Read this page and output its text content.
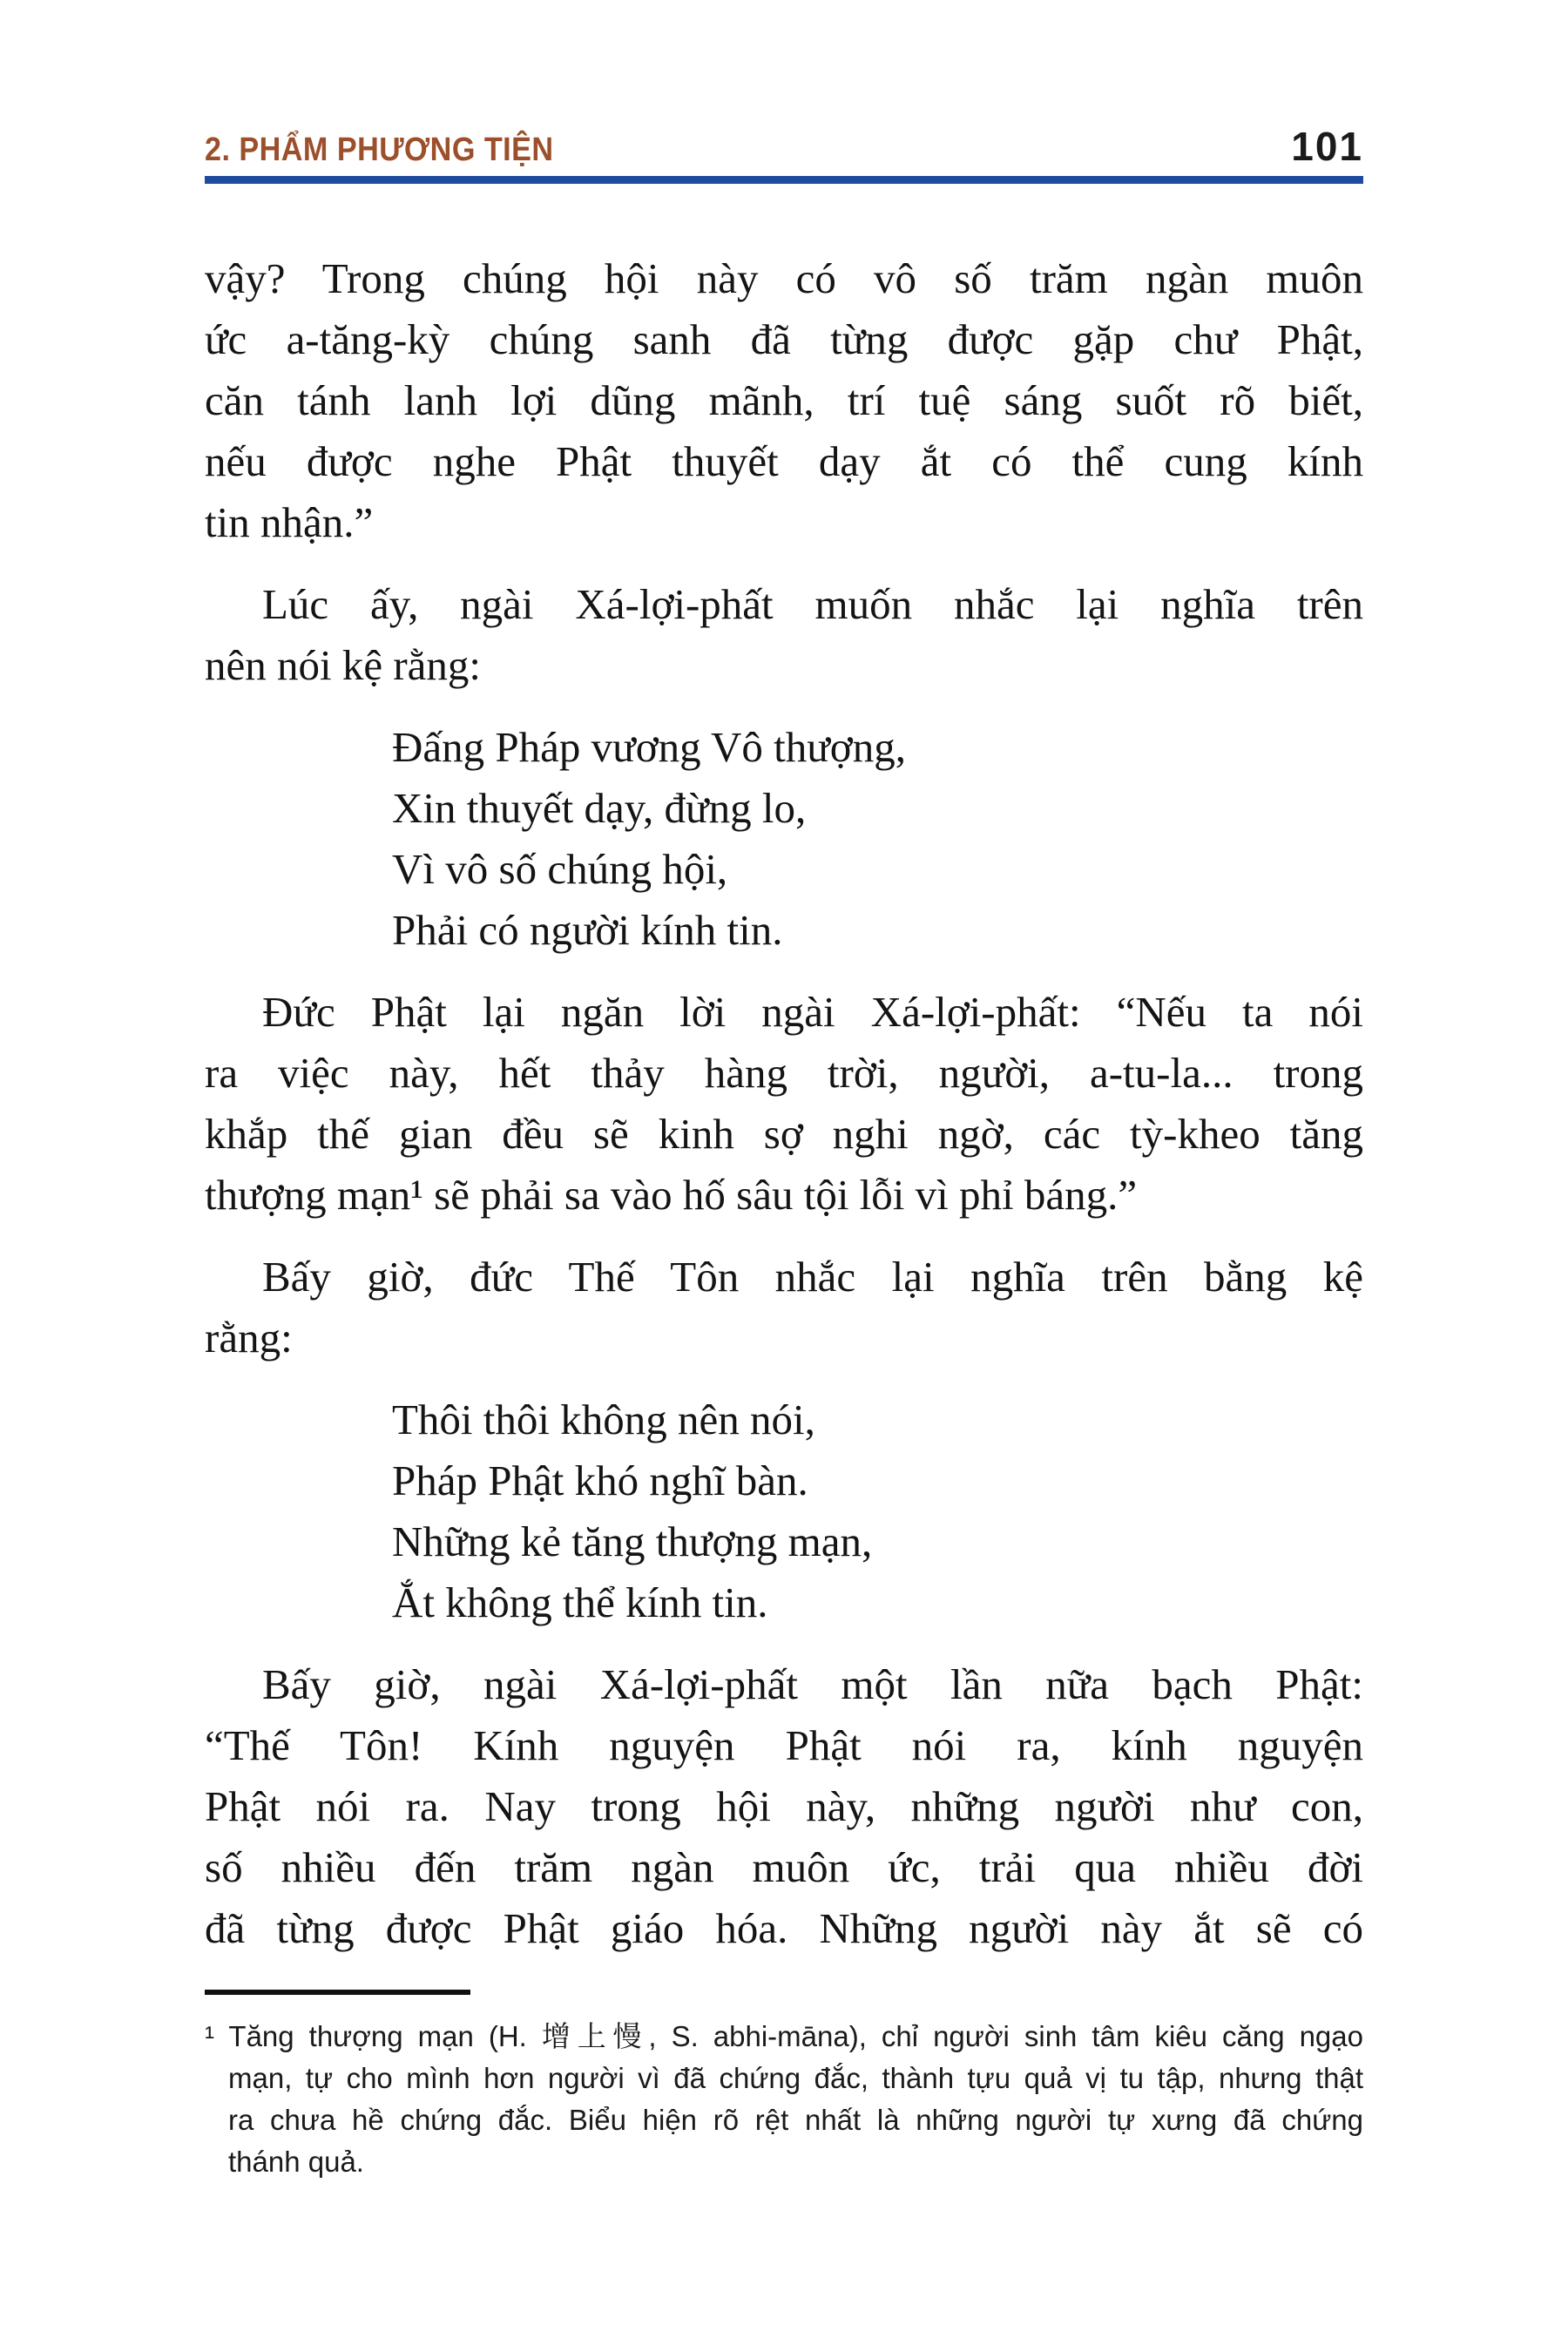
2. PHẨM PHƯƠNG TIỆN	101
vậy? Trong chúng hội này có vô số trăm ngàn muôn
ức a-tăng-kỳ chúng sanh đã từng được gặp chư Phật,
căn tánh lanh lợi dũng mãnh, trí tuệ sáng suốt rõ biết,
nếu được nghe Phật thuyết dạy ắt có thể cung kính
tin nhận.”
Lúc ấy, ngài Xá-lợi-phất muốn nhắc lại nghĩa trên
nên nói kệ rằng:
Đấng Pháp vương Vô thượng,
Xin thuyết dạy, đừng lo,
Vì vô số chúng hội,
Phải có người kính tin.
Đức Phật lại ngăn lời ngài Xá-lợi-phất: “Nếu ta nói
ra việc này, hết thảy hàng trời, người, a-tu-la... trong
khắp thế gian đều sẽ kinh sợ nghi ngờ, các tỳ-kheo tăng
thượng mạn¹ sẽ phải sa vào hố sâu tội lỗi vì phỉ báng.”
Bấy giờ, đức Thế Tôn nhắc lại nghĩa trên bằng kệ
rằng:
Thôi thôi không nên nói,
Pháp Phật khó nghĩ bàn.
Những kẻ tăng thượng mạn,
Ắt không thể kính tin.
Bấy giờ, ngài Xá-lợi-phất một lần nữa bạch Phật:
“Thế Tôn! Kính nguyện Phật nói ra, kính nguyện
Phật nói ra. Nay trong hội này, những người như con,
số nhiều đến trăm ngàn muôn ức, trải qua nhiều đời
đã từng được Phật giáo hóa. Những người này ắt sẽ có
¹ Tăng thượng mạn (H. 增上慢, S. abhi-māna), chỉ người sinh tâm kiêu căng ngạo
mạn, tự cho mình hơn người vì đã chứng đắc, thành tựu quả vị tu tập, nhưng thật
ra chưa hề chứng đắc. Biểu hiện rõ rệt nhất là những người tự xưng đã chứng
thánh quả.
